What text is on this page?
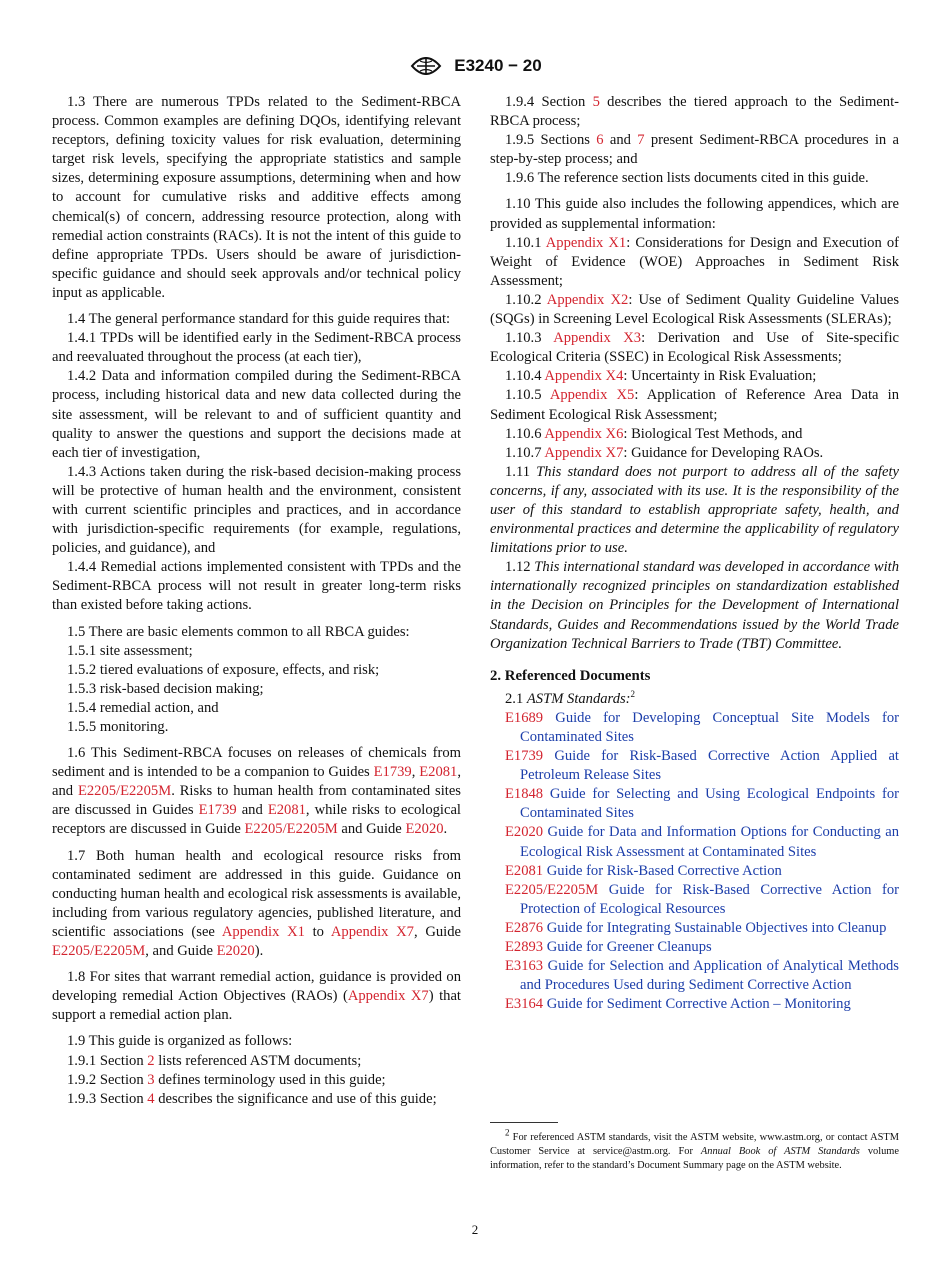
E3240 − 20

1.3 There are numerous TPDs related to the Sediment-RBCA process. Common examples are defining DQOs, identifying relevant receptors, defining toxicity values for risk evaluation, determining target risk levels, specifying the appropriate statistics and sample sizes, determining exposure assumptions, determining when and how to account for cumulative risks and additive effects among chemical(s) of concern, addressing resource protection, along with remedial action constraints (RACs). It is not the intent of this guide to define appropriate TPDs. Users should be aware of jurisdiction-specific guidance and should seek approvals and/or technical policy input as applicable.

1.4 The general performance standard for this guide requires that:

1.4.1 TPDs will be identified early in the Sediment-RBCA process and reevaluated throughout the process (at each tier),

1.4.2 Data and information compiled during the Sediment-RBCA process, including historical data and new data collected during the site assessment, will be relevant to and of sufficient quantity and quality to answer the questions and support the decisions made at each tier of investigation,

1.4.3 Actions taken during the risk-based decision-making process will be protective of human health and the environment, consistent with current scientific principles and practices, and in accordance with jurisdiction-specific requirements (for example, regulations, policies, and guidance), and

1.4.4 Remedial actions implemented consistent with TPDs and the Sediment-RBCA process will not result in greater long-term risks than existed before taking actions.

1.5 There are basic elements common to all RBCA guides:

1.5.1 site assessment;

1.5.2 tiered evaluations of exposure, effects, and risk;

1.5.3 risk-based decision making;

1.5.4 remedial action, and

1.5.5 monitoring.

1.6 This Sediment-RBCA focuses on releases of chemicals from sediment and is intended to be a companion to Guides E1739, E2081, and E2205/E2205M. Risks to human health from contaminated sites are discussed in Guides E1739 and E2081, while risks to ecological receptors are discussed in Guide E2205/E2205M and Guide E2020.

1.7 Both human health and ecological resource risks from contaminated sediment are addressed in this guide. Guidance on conducting human health and ecological risk assessments is available, including from various regulatory agencies, published literature, and scientific associations (see Appendix X1 to Appendix X7, Guide E2205/E2205M, and Guide E2020).

1.8 For sites that warrant remedial action, guidance is provided on developing remedial Action Objectives (RAOs) (Appendix X7) that support a remedial action plan.

1.9 This guide is organized as follows:

1.9.1 Section 2 lists referenced ASTM documents;

1.9.2 Section 3 defines terminology used in this guide;

1.9.3 Section 4 describes the significance and use of this guide;

1.9.4 Section 5 describes the tiered approach to the Sediment-RBCA process;

1.9.5 Sections 6 and 7 present Sediment-RBCA procedures in a step-by-step process; and

1.9.6 The reference section lists documents cited in this guide.

1.10 This guide also includes the following appendices, which are provided as supplemental information:

1.10.1 Appendix X1: Considerations for Design and Execution of Weight of Evidence (WOE) Approaches in Sediment Risk Assessment;

1.10.2 Appendix X2: Use of Sediment Quality Guideline Values (SQGs) in Screening Level Ecological Risk Assessments (SLERAs);

1.10.3 Appendix X3: Derivation and Use of Site-specific Ecological Criteria (SSEC) in Ecological Risk Assessments;

1.10.4 Appendix X4: Uncertainty in Risk Evaluation;

1.10.5 Appendix X5: Application of Reference Area Data in Sediment Ecological Risk Assessment;

1.10.6 Appendix X6: Biological Test Methods, and

1.10.7 Appendix X7: Guidance for Developing RAOs.

1.11 This standard does not purport to address all of the safety concerns, if any, associated with its use. It is the responsibility of the user of this standard to establish appropriate safety, health, and environmental practices and determine the applicability of regulatory limitations prior to use.

1.12 This international standard was developed in accordance with internationally recognized principles on standardization established in the Decision on Principles for the Development of International Standards, Guides and Recommendations issued by the World Trade Organization Technical Barriers to Trade (TBT) Committee.

2. Referenced Documents

2.1 ASTM Standards:$^2$

E1689 Guide for Developing Conceptual Site Models for Contaminated Sites
E1739 Guide for Risk-Based Corrective Action Applied at Petroleum Release Sites
E1848 Guide for Selecting and Using Ecological Endpoints for Contaminated Sites
E2020 Guide for Data and Information Options for Conducting an Ecological Risk Assessment at Contaminated Sites
E2081 Guide for Risk-Based Corrective Action
E2205/E2205M Guide for Risk-Based Corrective Action for Protection of Ecological Resources
E2876 Guide for Integrating Sustainable Objectives into Cleanup
E2893 Guide for Greener Cleanups
E3163 Guide for Selection and Application of Analytical Methods and Procedures Used during Sediment Corrective Action
E3164 Guide for Sediment Corrective Action – Monitoring
$^2$ For referenced ASTM standards, visit the ASTM website, www.astm.org, or contact ASTM Customer Service at service@astm.org. For Annual Book of ASTM Standards volume information, refer to the standard’s Document Summary page on the ASTM website.
2
